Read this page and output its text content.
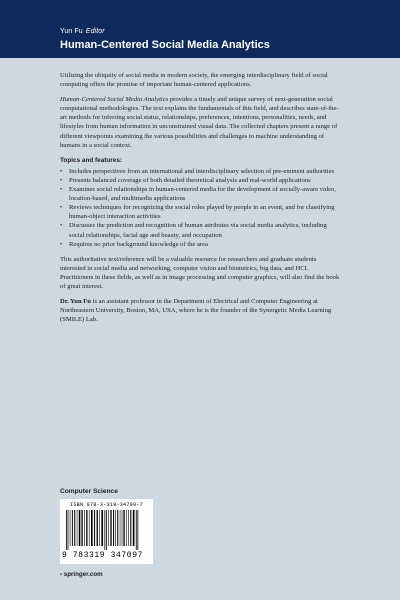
Yun Fu Editor
Human-Centered Social Media Analytics

Utilizing the ubiquity of social media in modern society, the emerging interdisciplinary field of social computing offers the promise of important human-centered applications.

Human-Centered Social Media Analytics provides a timely and unique survey of next-generation social computational methodologies. The text explains the fundamentals of this field, and describes state-of-the-art methods for inferring social status, relationships, preferences, intentions, personalities, needs, and lifestyles from human information in unconstrained visual data. The collected chapters present a range of different viewpoints examining the various possibilities and challenges to machine understanding of humans in a social context.

Topics and features:
• Includes perspectives from an international and interdisciplinary selection of pre-eminent authorities
• Presents balanced coverage of both detailed theoretical analysis and real-world applications
• Examines social relationships in human-centered media for the development of socially-aware video, location-based, and multimedia applications
• Reviews techniques for recognizing the social roles played by people in an event, and for classifying human-object interaction activities
• Discusses the prediction and recognition of human attributes via social media analytics, including social relationships, facial age and beauty, and occupation
• Requires no prior background knowledge of the area

This authoritative text/reference will be a valuable resource for researchers and graduate students interested in social media and networking, computer vision and biometrics, big data, and HCI. Practitioners in these fields, as well as in image processing and computer graphics, will also find the book of great interest.

Dr. Yun Fu is an assistant professor in the Department of Electrical and Computer Engineering at Northeastern University, Boston, MA, USA, where he is the founder of the Synergetic Media Learning (SMILE) Lab.

Computer Science
ISBN 978-3-319-34709-7
9 783319 347097
› springer.com
